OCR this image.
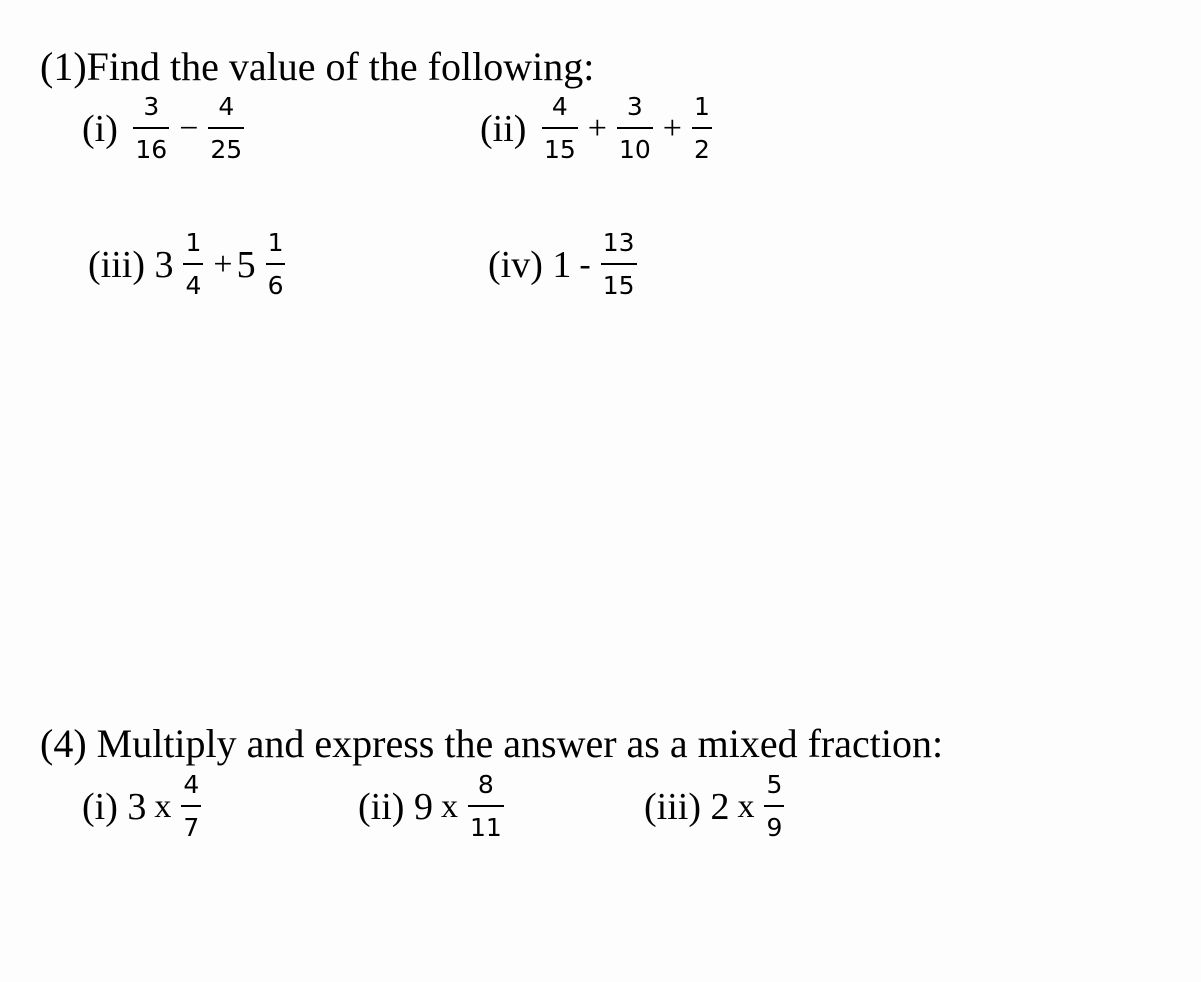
(1)Find the value of the following:
(i)
$\frac{3}{16} - \frac{4}{25}$	(ii)
$\frac{4}{15} + \frac{3}{10} + \frac{1}{2}$
(iii)
$3 \frac{1}{4} + 5 \frac{1}{6}$	(iv)
$1 - \frac{13}{15}$
(4) Multiply and express the answer as a mixed fraction:
(i)
3 x $\frac{4}{7}$	(ii)
9 x $\frac{8}{11}$	(iii)
2 x $\frac{5}{9}$
